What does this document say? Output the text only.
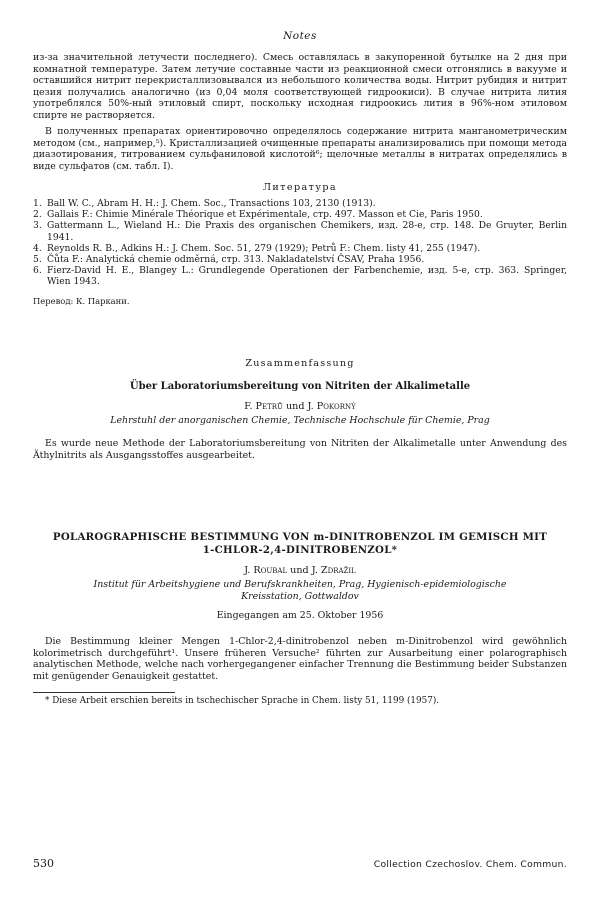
Notes

из-за значительной летучести последнего). Смесь оставлялась в закупоренной бутылке на 2 дня при комнатной температуре. Затем летучие составные части из реакционной смеси отгонялись в вакууме и оставшийся нитрит перекристаллизовывался из небольшого количества воды. Нитрит рубидия и нитрит цезия получались аналогично (из 0,04 моля соответствующей гидроокиси). В случае нитрита лития употреблялся 50%-ный этиловый спирт, поскольку исходная гидроокись лития в 96%-ном этиловом спирте не растворяется.

В полученных препаратах ориентировочно определялось содержание нитрита манганометрическим методом (см., например,⁵). Кристаллизацией очищенные препараты анализировались при помощи метода диазотирования, титрованием сульфаниловой кислотой⁶; щелочные металлы в нитратах определялись в виде сульфатов (см. табл. I).

Литература
1. Ball W. C., Abram H. H.: J. Chem. Soc., Transactions 103, 2130 (1913).
2. Gallais F.: Chimie Minérale Théorique et Expérimentale, стр. 497. Masson et Cie, Paris 1950.
3. Gattermann L., Wieland H.: Die Praxis des organischen Chemikers, изд. 28-е, стр. 148. De Gruyter, Berlin 1941.
4. Reynolds R. B., Adkins H.: J. Chem. Soc. 51, 279 (1929); Petrů F.: Chem. listy 41, 255 (1947).
5. Čůta F.: Analytická chemie odměrná, стр. 313. Nakladatelství ČSAV, Praha 1956.
6. Fierz-David H. E., Blangey L.: Grundlegende Operationen der Farbenchemie, изд. 5-е, стр. 363. Springer, Wien 1943.
Перевод: К. Паркани.
Zusammenfassung
Über Laboratoriumsbereitung von Nitriten der Alkalimetalle
F. Petrů und J. Pokorný
Lehrstuhl der anorganischen Chemie, Technische Hochschule für Chemie, Prag

Es wurde neue Methode der Laboratoriumsbereitung von Nitriten der Alkalimetalle unter Anwendung des Äthylnitrits als Ausgangsstoffes ausgearbeitet.

POLAROGRAPHISCHE BESTIMMUNG VON m-DINITROBENZOL IM GEMISCH MIT
1-CHLOR-2,4-DINITROBENZOL*
J. Roubal und J. Zdražil
Institut für Arbeitshygiene und Berufskrankheiten, Prag, Hygienisch-epidemiologische
Kreisstation, Gottwaldov
Eingegangen am 25. Oktober 1956

Die Bestimmung kleiner Mengen 1-Chlor-2,4-dinitrobenzol neben m-Dinitrobenzol wird gewöhnlich kolorimetrisch durchgeführt¹. Unsere früheren Versuche² führten zur Ausarbeitung einer polarographisch analytischen Methode, welche nach vorhergegangener einfacher Trennung die Bestimmung beider Substanzen mit genügender Genauigkeit gestattet.

* Diese Arbeit erschien bereits in tschechischer Sprache in Chem. listy 51, 1199 (1957).
530	Collection Czechoslov. Chem. Commun.
